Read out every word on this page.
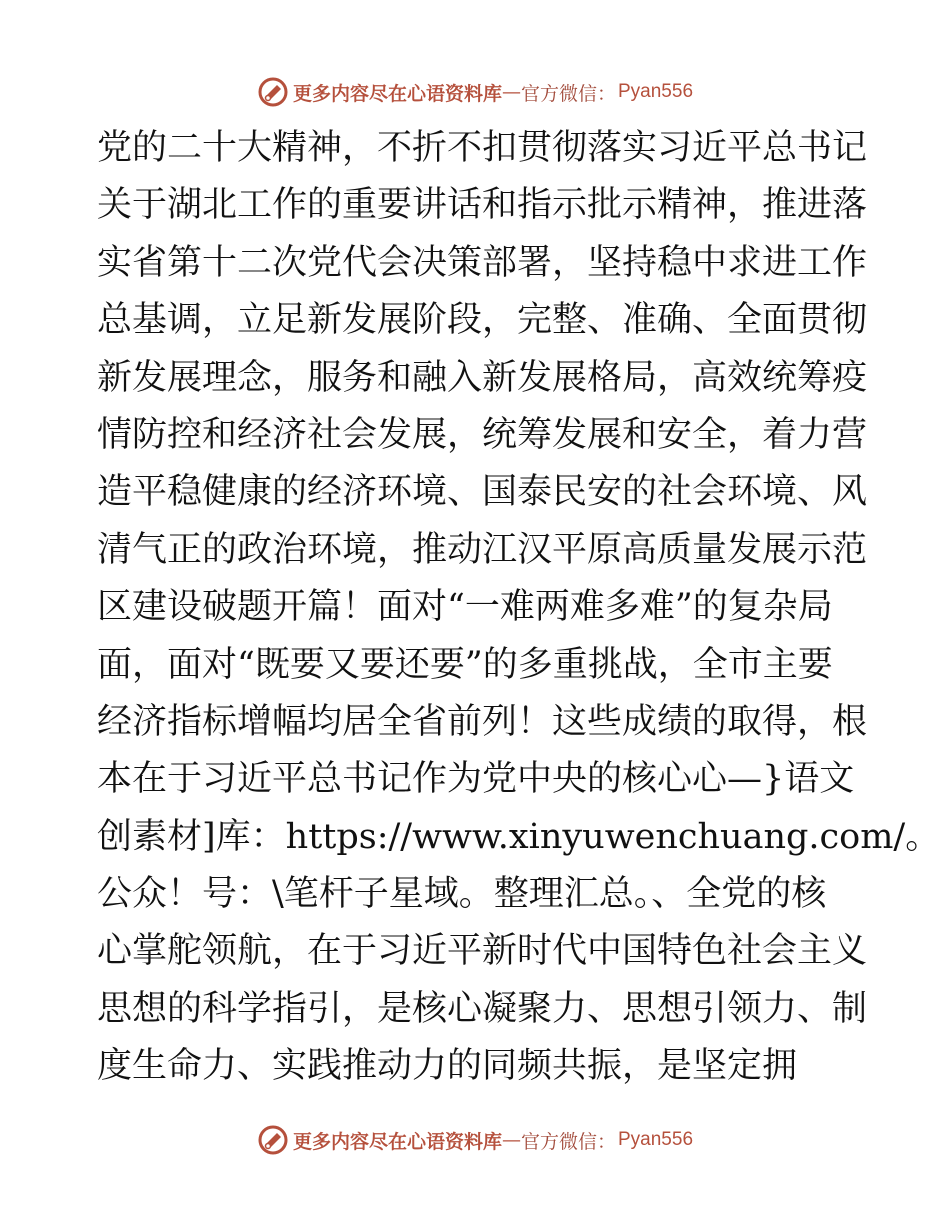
更多内容尽在心语资料库 — 官方微信： Pyan556
党的二十大精神，不折不扣贯彻落实习近平总书记
关于湖北工作的重要讲话和指示批示精神，推进落
实省第十二次党代会决策部署，坚持稳中求进工作
总基调，立足新发展阶段，完整、准确、全面贯彻
新发展理念，服务和融入新发展格局，高效统筹疫
情防控和经济社会发展，统筹发展和安全，着力营
造平稳健康的经济环境、国泰民安的社会环境、风
清气正的政治环境，推动江汉平原高质量发展示范
区建设破题开篇！面对“一难两难多难”的复杂局
面，面对“既要又要还要”的多重挑战，全市主要
经济指标增幅均居全省前列！这些成绩的取得，根
本在于习近平总书记作为党中央的核心心—}语文
创素材]库：https://www.xinyuwenchuang.com/。
公众！号：\笔杆子星域。整理汇总。、全党的核
心掌舵领航，在于习近平新时代中国特色社会主义
思想的科学指引，是核心凝聚力、思想引领力、制
度生命力、实践推动力的同频共振，是坚定拥
更多内容尽在心语资料库 — 官方微信： Pyan556
